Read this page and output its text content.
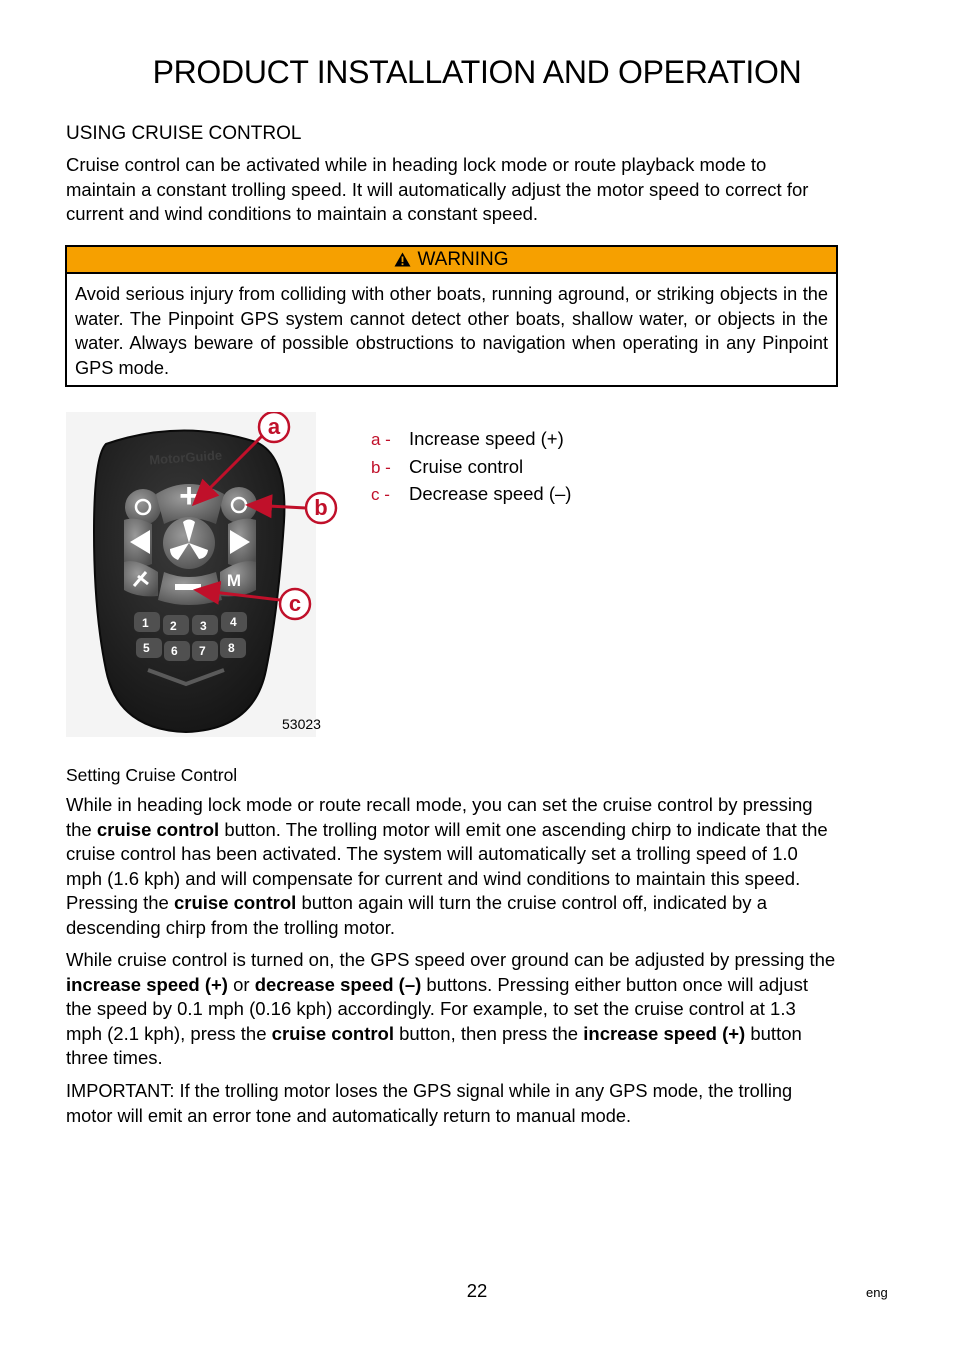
PRODUCT INSTALLATION AND OPERATION
USING CRUISE CONTROL
Cruise control can be activated while in heading lock mode or route playback mode to maintain a constant trolling speed. It will automatically adjust the motor speed to correct for current and wind conditions to maintain a constant speed.
WARNING
Avoid serious injury from colliding with other boats, running aground, or striking objects in the water. The Pinpoint GPS system cannot detect other boats, shallow water, or objects in the water. Always beware of possible obstructions to navigation when operating in any Pinpoint GPS mode.
MotorGuide
+
M
1 2 3 4
5 6 7 8
a
b
c
53023
a - Increase speed (+)
b - Cruise control
c - Decrease speed (–)
Setting Cruise Control
While in heading lock mode or route recall mode, you can set the cruise control by pressing the cruise control button. The trolling motor will emit one ascending chirp to indicate that the cruise control has been activated. The system will automatically set a trolling speed of 1.0 mph (1.6 kph) and will compensate for current and wind conditions to maintain this speed. Pressing the cruise control button again will turn the cruise control off, indicated by a descending chirp from the trolling motor.
While cruise control is turned on, the GPS speed over ground can be adjusted by pressing the increase speed (+) or decrease speed (–) buttons. Pressing either button once will adjust the speed by 0.1 mph (0.16 kph) accordingly. For example, to set the cruise control at 1.3 mph (2.1 kph), press the cruise control button, then press the increase speed (+) button three times.
IMPORTANT: If the trolling motor loses the GPS signal while in any GPS mode, the trolling motor will emit an error tone and automatically return to manual mode.
22	eng
